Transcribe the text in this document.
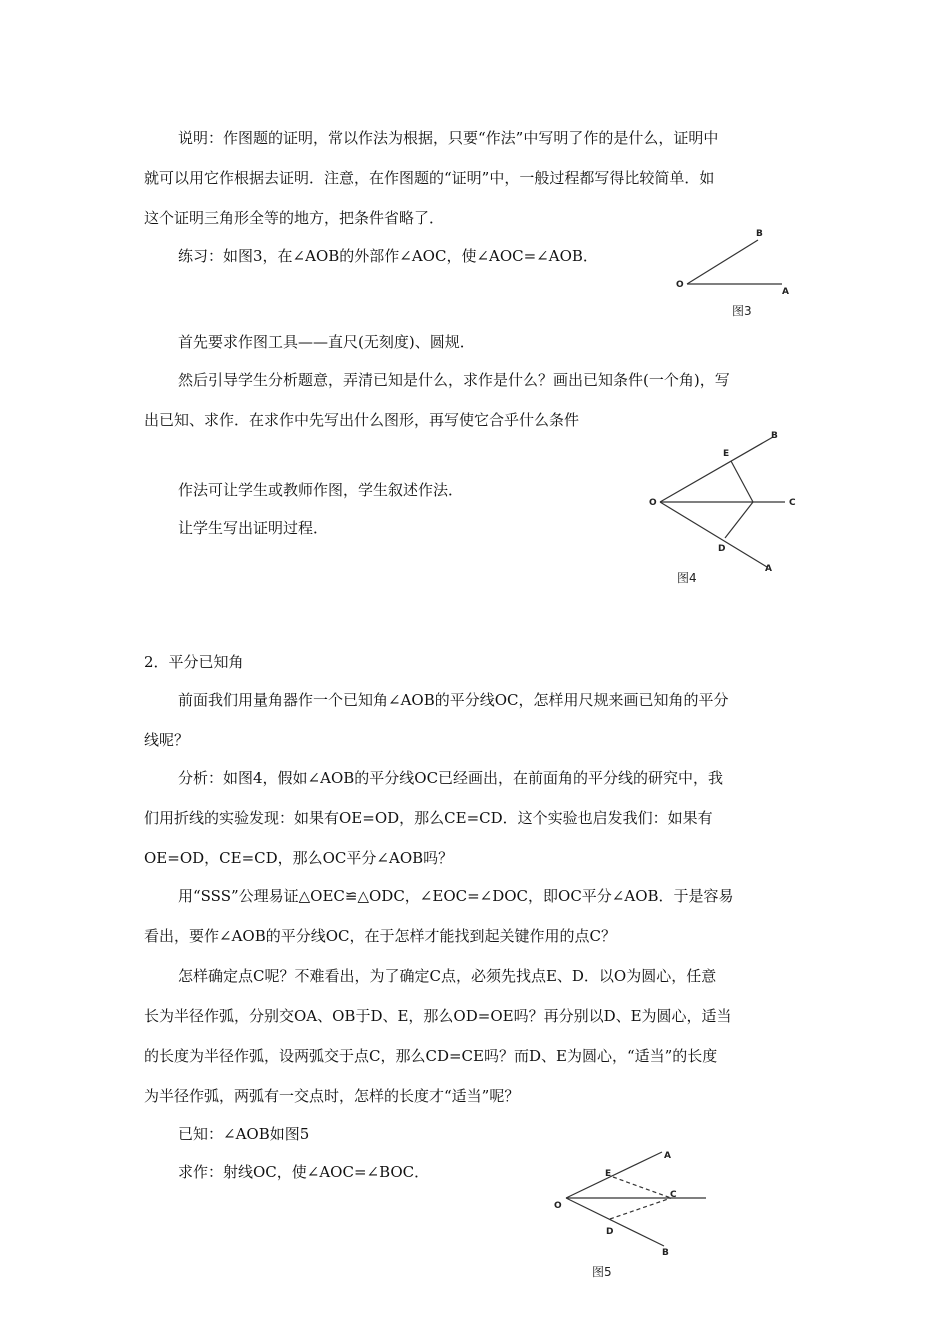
说明：作图题的证明，常以作法为根据，只要“作法”中写明了作的是什么，证明中
就可以用它作根据去证明．注意，在作图题的“证明”中，一般过程都写得比较简单．如
这个证明三角形全等的地方，把条件省略了．
练习：如图3，在∠AOB的外部作∠AOC，使∠AOC=∠AOB．
B
O
A
图3
首先要求作图工具——直尺(无刻度)、圆规．
然后引导学生分析题意，弄清已知是什么，求作是什么？画出已知条件(一个角)，写
出已知、求作．在求作中先写出什么图形，再写使它合乎什么条件
E
B
O	C
D
A
图4
作法可让学生或教师作图，学生叙述作法．
让学生写出证明过程．
2．平分已知角
前面我们用量角器作一个已知角∠AOB的平分线OC，怎样用尺规来画已知角的平分
线呢？
分析：如图4，假如∠AOB的平分线OC已经画出，在前面角的平分线的研究中，我
们用折线的实验发现：如果有OE=OD，那么CE=CD．这个实验也启发我们：如果有
OE=OD，CE=CD，那么OC平分∠AOB吗？
用“SSS”公理易证△OEC≌△ODC，∠EOC=∠DOC，即OC平分∠AOB．于是容易
看出，要作∠AOB的平分线OC，在于怎样才能找到起关键作用的点C？
怎样确定点C呢？不难看出，为了确定C点，必须先找点E、D．以O为圆心，任意
长为半径作弧，分别交OA、OB于D、E，那么OD=OE吗？再分别以D、E为圆心，适当
的长度为半径作弧，设两弧交于点C，那么CD=CE吗？而D、E为圆心，“适当”的长度
为半径作弧，两弧有一交点时，怎样的长度才“适当”呢？
已知：∠AOB如图5
求作：射线OC，使∠AOC=∠BOC．
A
E
O
C
D
B
图5
